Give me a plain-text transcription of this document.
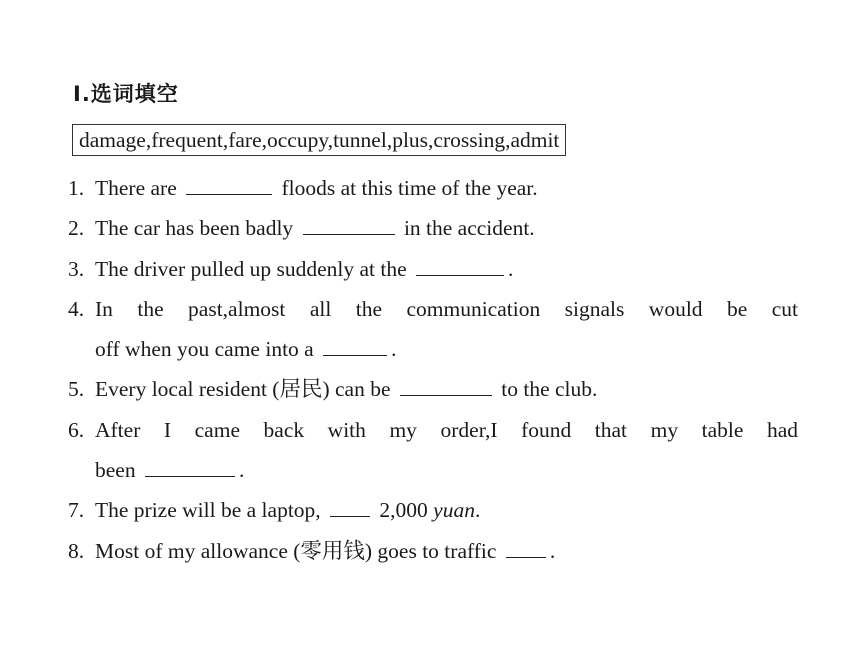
Ⅰ.选词填空
damage,frequent,fare,occupy,tunnel,plus,crossing,admit
1. There are	floods at this time of the year.
2. The car has been badly	in the accident.
3. The driver pulled up suddenly at the	.
4. In the past,almost all the communication signals would be cut
off when you came into a	.
5. Every local resident (居民) can be	to the club.
6. After I came back with my order,I found that my table had
been	.
7. The prize will be a laptop,	2,000 yuan.
8. Most of my allowance (零用钱) goes to traffic .
